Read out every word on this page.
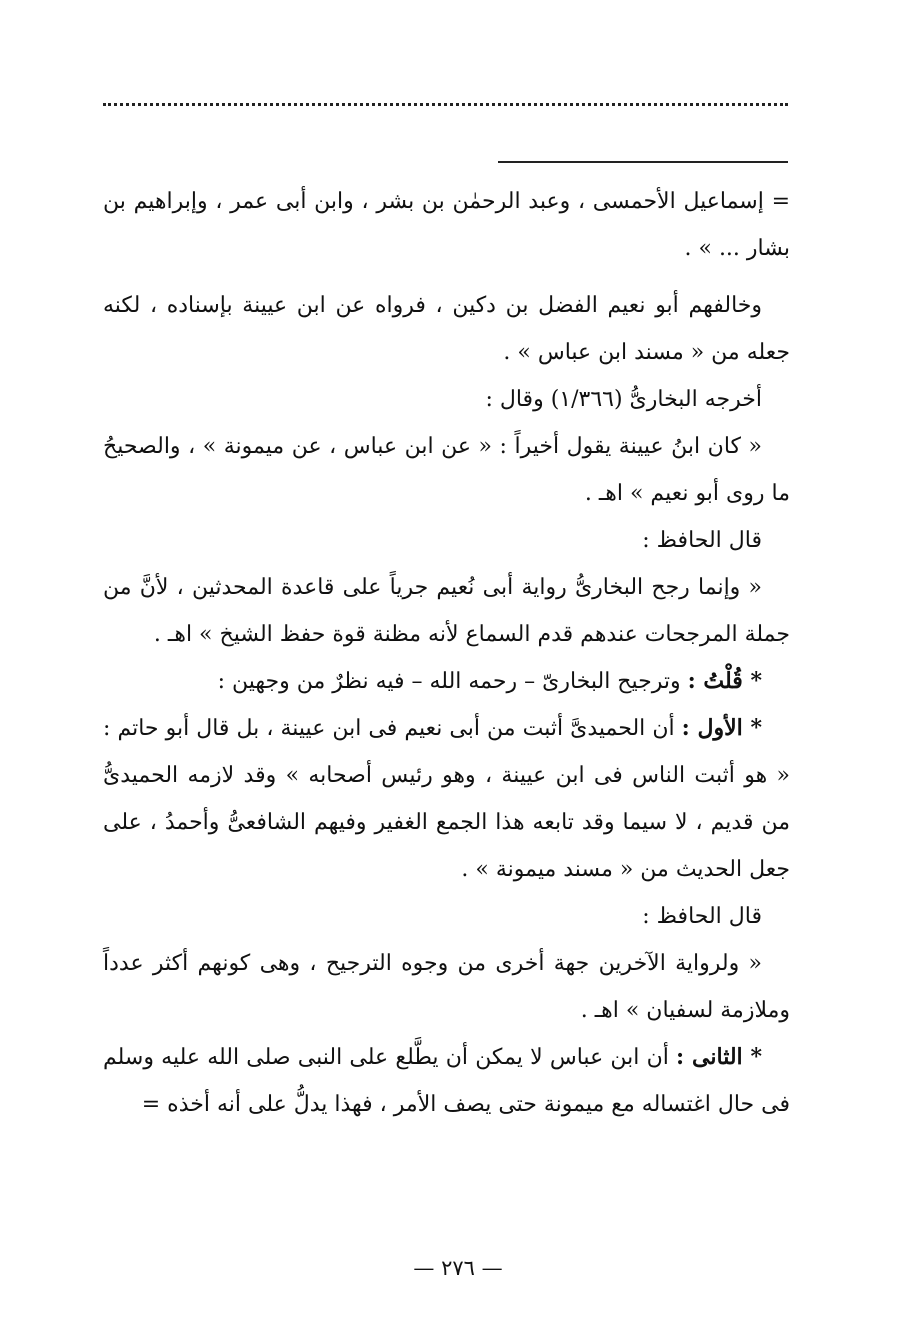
= إسماعيل الأحمسى ، وعبد الرحمٰن بن بشر ، وابن أبى عمر ، وإبراهيم بن بشار ... » .

وخالفهم أبو نعيم الفضل بن دكين ، فرواه عن ابن عيينة بإسناده ، لكنه جعله من « مسند ابن عباس » .

أخرجه البخارىُّ (١/٣٦٦) وقال :

« كان ابنُ عيينة يقول أخيراً : « عن ابن عباس ، عن ميمونة » ، والصحيحُ ما روى أبو نعيم » اهـ .

قال الحافظ :

« وإنما رجح البخارىُّ رواية أبى نُعيم جرياً على قاعدة المحدثين ، لأنَّ من جملة المرجحات عندهم قدم السماع لأنه مظنة قوة حفظ الشيخ » اهـ .

* قُلْتُ : وترجيح البخارىّ – رحمه الله – فيه نظرٌ من وجهين :

* الأول : أن الحميدىَّ أثبت من أبى نعيم فى ابن عيينة ، بل قال أبو حاتم : « هو أثبت الناس فى ابن عيينة ، وهو رئيس أصحابه » وقد لازمه الحميدىُّ من قديم ، لا سيما وقد تابعه هذا الجمع الغفير وفيهم الشافعىُّ وأحمدُ ، على جعل الحديث من « مسند ميمونة » .

قال الحافظ :

« ولرواية الآخرين جهة أخرى من وجوه الترجيح ، وهى كونهم أكثر عدداً وملازمة لسفيان » اهـ .

* الثانى : أن ابن عباس لا يمكن أن يطَّلع على النبى صلى الله عليه وسلم فى حال اغتساله مع ميمونة حتى يصف الأمر ، فهذا يدلُّ على أنه أخذه =

— ٢٧٦ —
